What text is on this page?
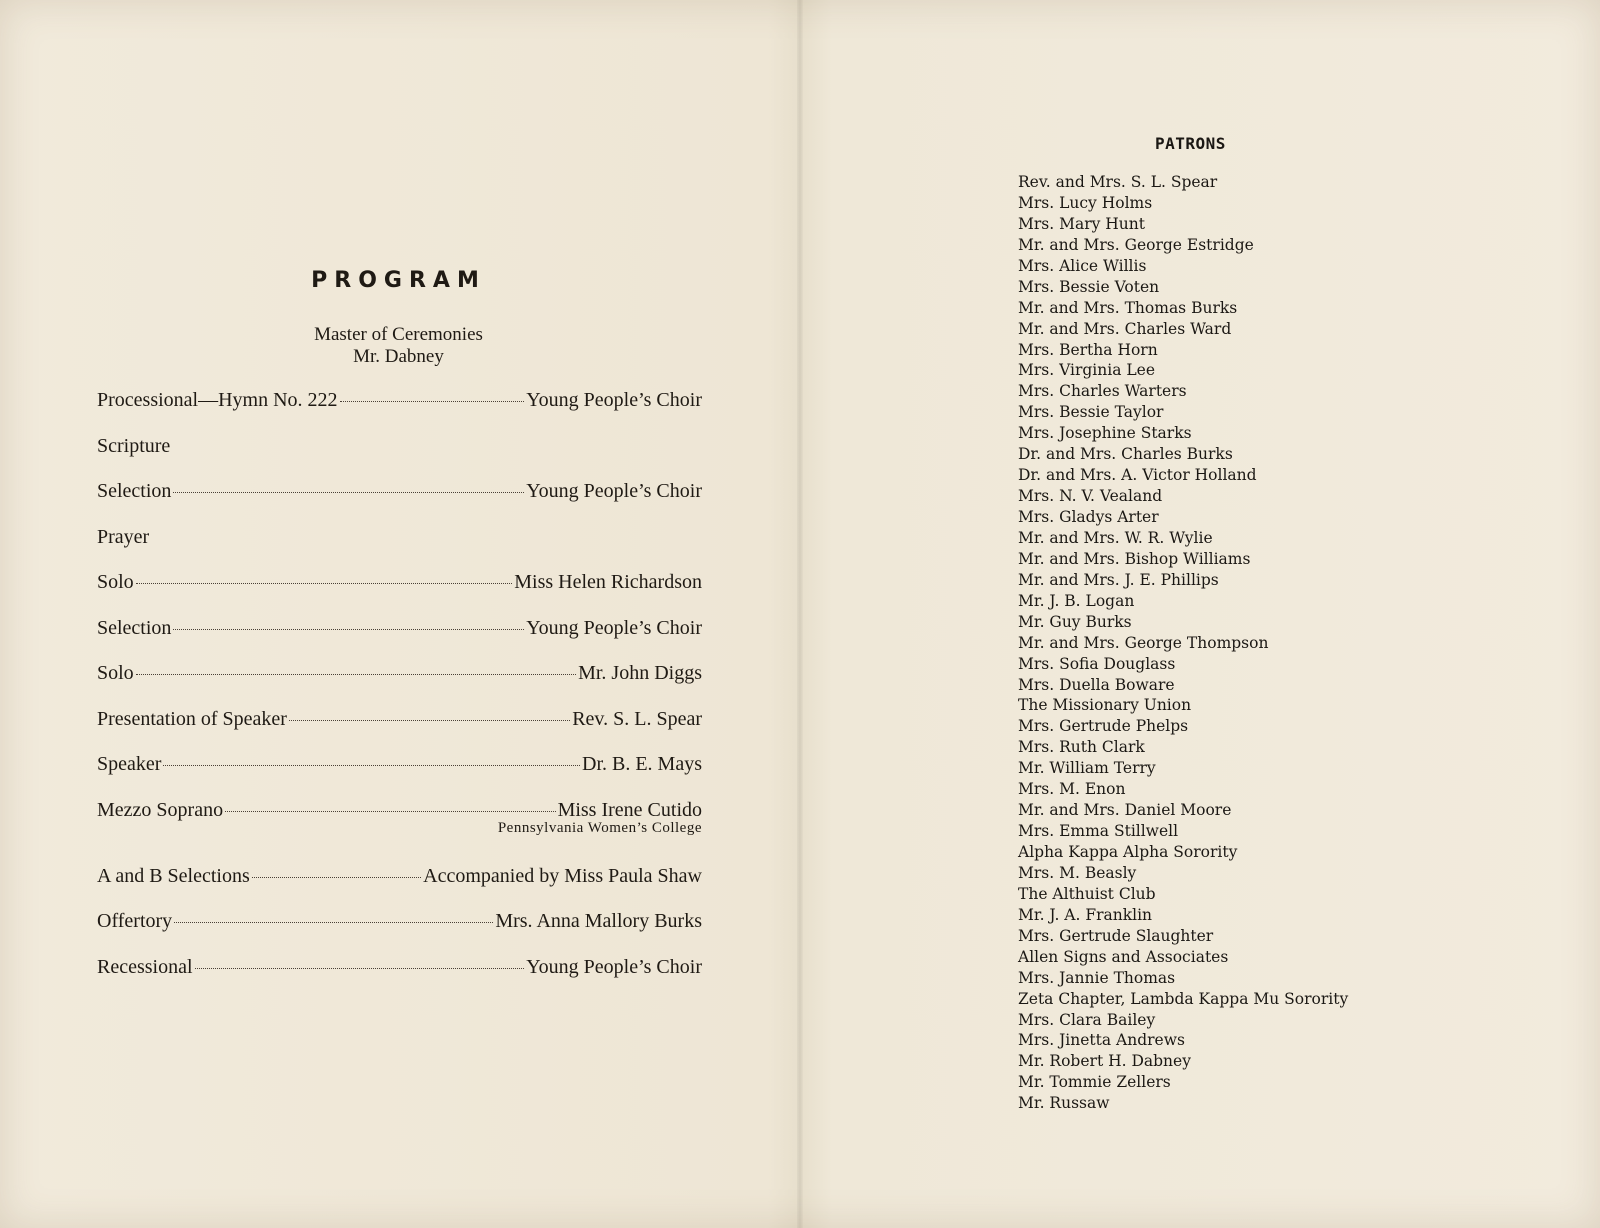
PROGRAM
Master of Ceremonies
Mr. Dabney
Processional—Hymn No. 222	Young People’s Choir
Scripture
Selection	Young People’s Choir
Prayer
Solo	Miss Helen Richardson
Selection	Young People’s Choir
Solo	Mr. John Diggs
Presentation of Speaker	Rev. S. L. Spear
Speaker	Dr. B. E. Mays
Mezzo Soprano	Miss Irene Cutido
Pennsylvania Women’s College
A and B Selections	Accompanied by Miss Paula Shaw
Offertory	Mrs. Anna Mallory Burks
Recessional	Young People’s Choir
PATRONS
Rev. and Mrs. S. L. Spear
Mrs. Lucy Holms
Mrs. Mary Hunt
Mr. and Mrs. George Estridge
Mrs. Alice Willis
Mrs. Bessie Voten
Mr. and Mrs. Thomas Burks
Mr. and Mrs. Charles Ward
Mrs. Bertha Horn
Mrs. Virginia Lee
Mrs. Charles Warters
Mrs. Bessie Taylor
Mrs. Josephine Starks
Dr. and Mrs. Charles Burks
Dr. and Mrs. A. Victor Holland
Mrs. N. V. Vealand
Mrs. Gladys Arter
Mr. and Mrs. W. R. Wylie
Mr. and Mrs. Bishop Williams
Mr. and Mrs. J. E. Phillips
Mr. J. B. Logan
Mr. Guy Burks
Mr. and Mrs. George Thompson
Mrs. Sofia Douglass
Mrs. Duella Boware
The Missionary Union
Mrs. Gertrude Phelps
Mrs. Ruth Clark
Mr. William Terry
Mrs. M. Enon
Mr. and Mrs. Daniel Moore
Mrs. Emma Stillwell
Alpha Kappa Alpha Sorority
Mrs. M. Beasly
The Althuist Club
Mr. J. A. Franklin
Mrs. Gertrude Slaughter
Allen Signs and Associates
Mrs. Jannie Thomas
Zeta Chapter, Lambda Kappa Mu Sorority
Mrs. Clara Bailey
Mrs. Jinetta Andrews
Mr. Robert H. Dabney
Mr. Tommie Zellers
Mr. Russaw
